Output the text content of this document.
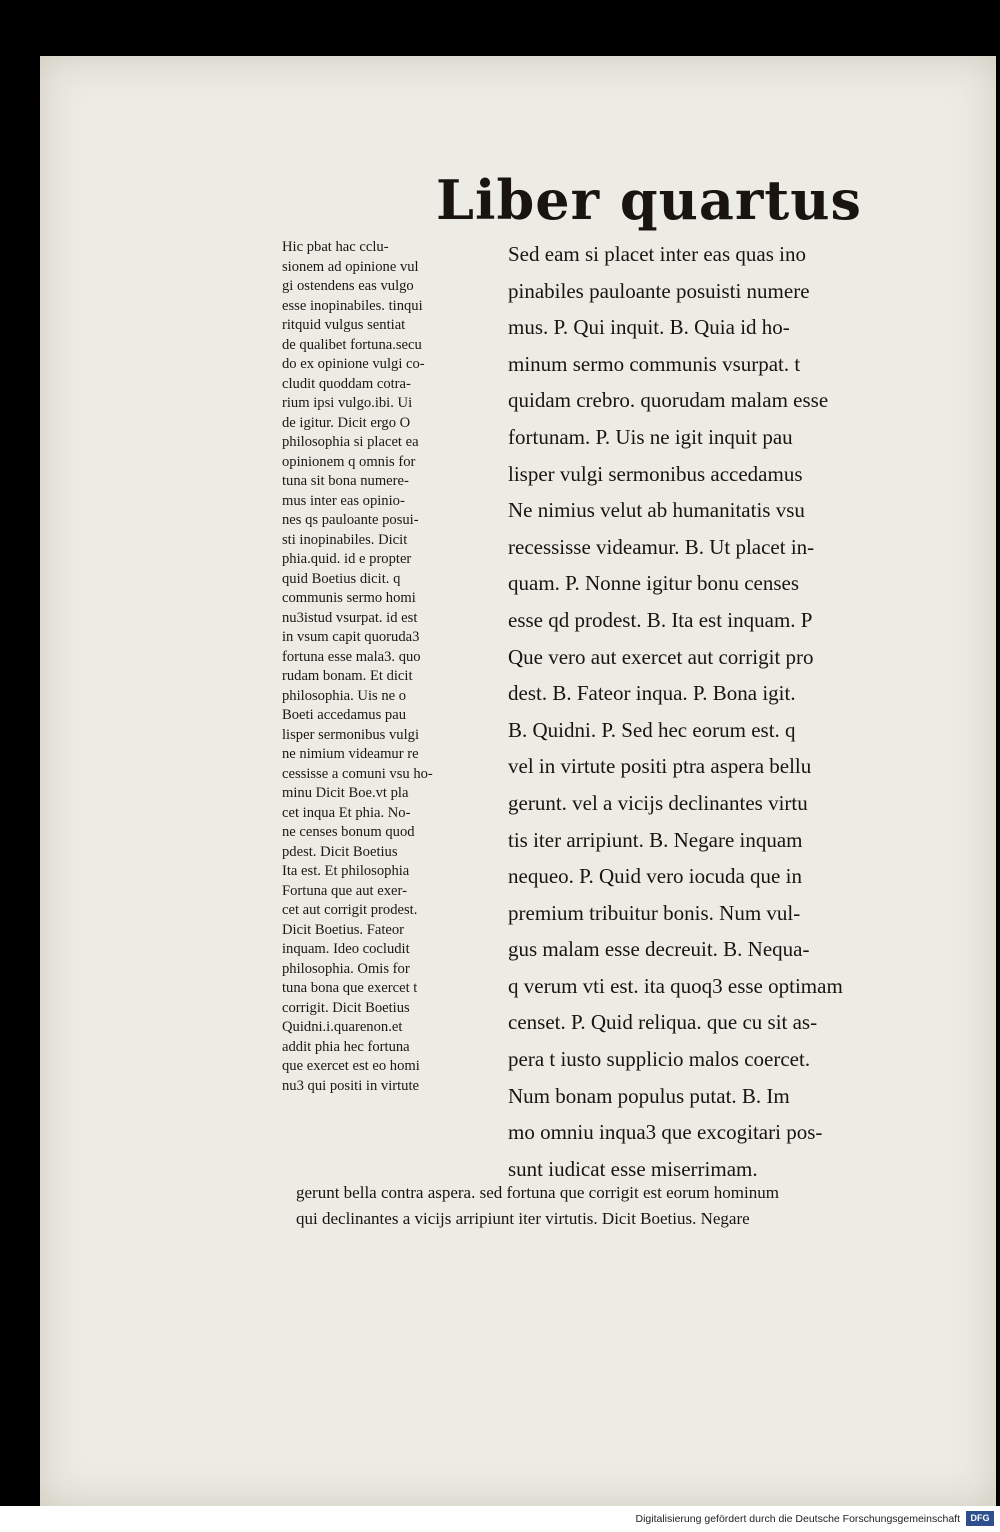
Liber quartus
Hic pbat hac cclu-
sionem ad opinione vul
gi ostendens eas vulgo
esse inopinabiles. tinqui
ritquid vulgus sentiat
de qualibet fortuna.secu
do ex opinione vulgi co-
cludit quoddam cotra-
rium ipsi vulgo.ibi. Ui
de igitur. Dicit ergo O
philosophia si placet ea
opinionem q omnis for
tuna sit bona numere-
mus inter eas opinio-
nes qs pauloante posui-
sti inopinabiles. Dicit
phia.quid. id e propter
quid Boetius dicit. q
communis sermo homi
nu3istud vsurpat. id est
in vsum capit quoruda3
fortuna esse mala3. quo
rudam bonam. Et dicit
philosophia. Uis ne o
Boeti accedamus pau
lisper sermonibus vulgi
ne nimium videamur re
cessisse a comuni vsu ho-
minu Dicit Boe.vt pla
cet inqua Et phia. No-
ne censes bonum quod
pdest. Dicit Boetius
Ita est. Et philosophia
Fortuna que aut exer-
cet aut corrigit prodest.
Dicit Boetius. Fateor
inquam. Ideo cocludit
philosophia. Omis for
tuna bona que exercet t
corrigit. Dicit Boetius
Quidni.i.quarenon.et
addit phia hec fortuna
que exercet est eo homi
nu3 qui positi in virtute
Sed eam si placet inter eas quas ino
pinabiles pauloante posuisti numere
mus. P. Qui inquit. B. Quia id ho-
minum sermo communis vsurpat. t
quidam crebro. quorudam malam esse
fortunam. P. Uis ne igit inquit pau
lisper vulgi sermonibus accedamus
Ne nimius velut ab humanitatis vsu
recessisse videamur. B. Ut placet in-
quam. P. Nonne igitur bonu censes
esse qd prodest. B. Ita est inquam. P
Que vero aut exercet aut corrigit pro
dest. B. Fateor inqua. P. Bona igit.
B. Quidni. P. Sed hec eorum est. q
vel in virtute positi ptra aspera bellu
gerunt. vel a vicijs declinantes virtu
tis iter arripiunt. B. Negare inquam
nequeo. P. Quid vero iocuda que in
premium tribuitur bonis. Num vul-
gus malam esse decreuit. B. Nequa-
q verum vti est. ita quoq3 esse optimam
censet. P. Quid reliqua. que cu sit as-
pera t iusto supplicio malos coercet.
Num bonam populus putat. B. Im
mo omniu inqua3 que excogitari pos-
sunt iudicat esse miserrimam.
gerunt bella contra aspera. sed fortuna que corrigit est eorum hominum
qui declinantes a vicijs arripiunt iter virtutis. Dicit Boetius. Negare
Digitalisierung gefördert durch die Deutsche Forschungsgemeinschaft	DFG
